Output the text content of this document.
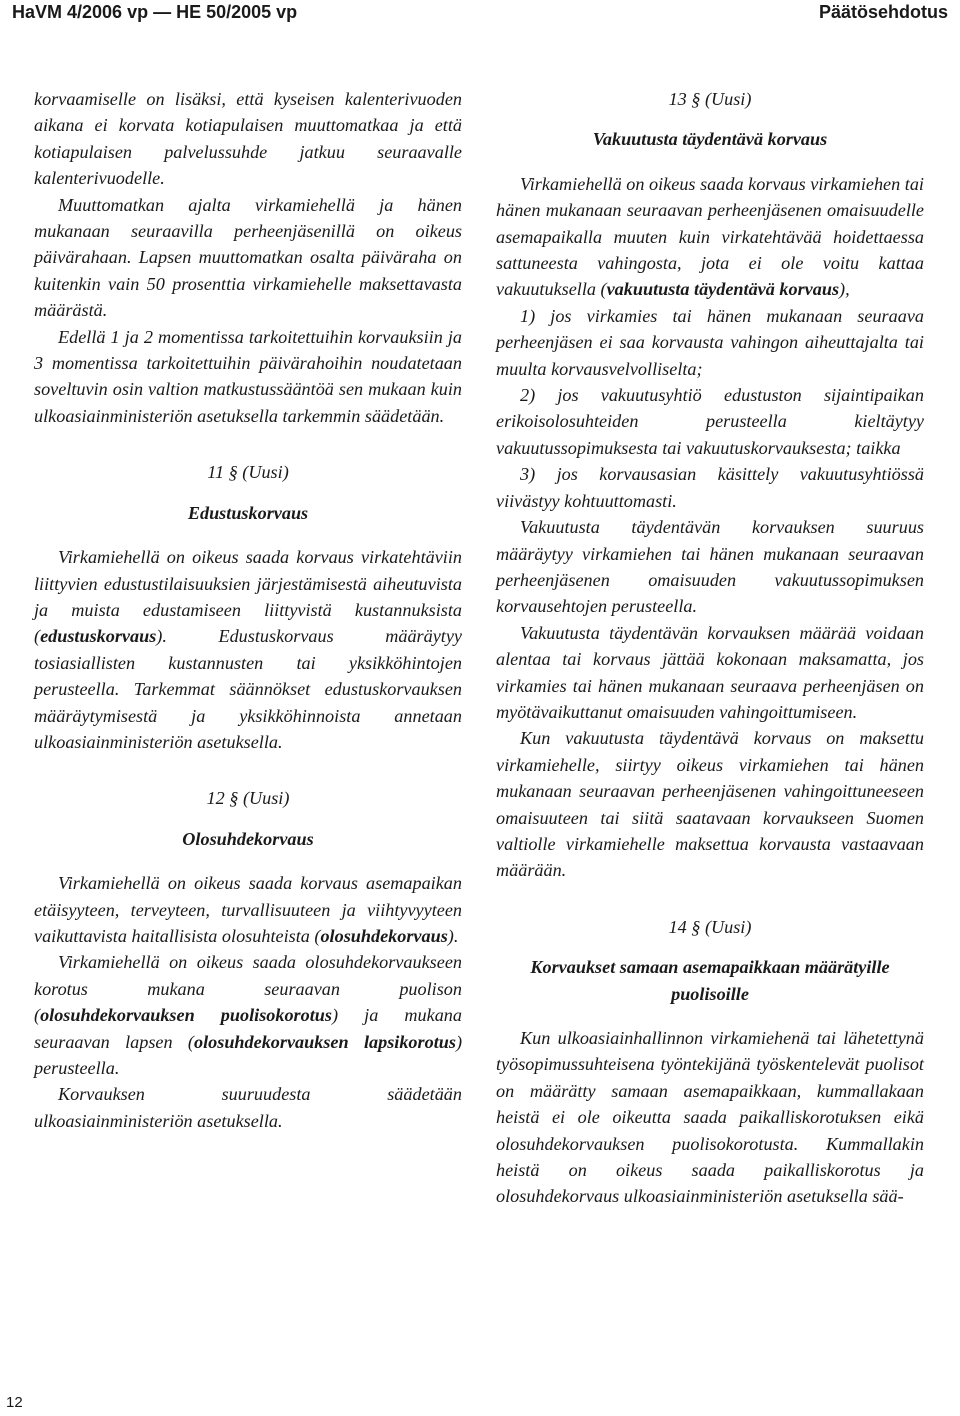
HaVM 4/2006 vp — HE 50/2005 vp	Päätösehdotus

korvaamiselle on lisäksi, että kyseisen kalenterivuoden aikana ei korvata kotiapulaisen muuttomatkaa ja että kotiapulaisen palvelussuhde jatkuu seuraavalle kalenterivuodelle.

Muuttomatkan ajalta virkamiehellä ja hänen mukanaan seuraavilla perheenjäsenillä on oikeus päivärahaan. Lapsen muuttomatkan osalta päiväraha on kuitenkin vain 50 prosenttia virkamiehelle maksettavasta määrästä.

Edellä 1 ja 2 momentissa tarkoitettuihin korvauksiin ja 3 momentissa tarkoitettuihin päivärahoihin noudatetaan soveltuvin osin valtion matkustussääntöä sen mukaan kuin ulkoasiainministeriön asetuksella tarkemmin säädetään.

11 § (Uusi)

Edustuskorvaus

Virkamiehellä on oikeus saada korvaus virkatehtäviin liittyvien edustustilaisuuksien järjestämisestä aiheutuvista ja muista edustamiseen liittyvistä kustannuksista (edustuskorvaus). Edustuskorvaus määräytyy tosiasiallisten kustannusten tai yksikköhintojen perusteella. Tarkemmat säännökset edustuskorvauksen määräytymisestä ja yksikköhinnoista annetaan ulkoasiainministeriön asetuksella.

12 § (Uusi)

Olosuhdekorvaus

Virkamiehellä on oikeus saada korvaus asemapaikan etäisyyteen, terveyteen, turvallisuuteen ja viihtyvyyteen vaikuttavista haitallisista olosuhteista (olosuhdekorvaus).

Virkamiehellä on oikeus saada olosuhdekorvaukseen korotus mukana seuraavan puolison (olosuhdekorvauksen puolisokorotus) ja mukana seuraavan lapsen (olosuhdekorvauksen lapsikorotus) perusteella.

Korvauksen suuruudesta säädetään ulkoasiainministeriön asetuksella.

13 § (Uusi)

Vakuutusta täydentävä korvaus

Virkamiehellä on oikeus saada korvaus virkamiehen tai hänen mukanaan seuraavan perheenjäsenen omaisuudelle asemapaikalla muuten kuin virkatehtävää hoidettaessa sattuneesta vahingosta, jota ei ole voitu kattaa vakuutuksella (vakuutusta täydentävä korvaus),

1) jos virkamies tai hänen mukanaan seuraava perheenjäsen ei saa korvausta vahingon aiheuttajalta tai muulta korvausvelvolliselta;

2) jos vakuutusyhtiö edustuston sijaintipaikan erikoisolosuhteiden perusteella kieltäytyy vakuutussopimuksesta tai vakuutuskorvauksesta; taikka

3) jos korvausasian käsittely vakuutusyhtiössä viivästyy kohtuuttomasti.

Vakuutusta täydentävän korvauksen suuruus määräytyy virkamiehen tai hänen mukanaan seuraavan perheenjäsenen omaisuuden vakuutussopimuksen korvausehtojen perusteella.

Vakuutusta täydentävän korvauksen määrää voidaan alentaa tai korvaus jättää kokonaan maksamatta, jos virkamies tai hänen mukanaan seuraava perheenjäsen on myötävaikuttanut omaisuuden vahingoittumiseen.

Kun vakuutusta täydentävä korvaus on maksettu virkamiehelle, siirtyy oikeus virkamiehen tai hänen mukanaan seuraavan perheenjäsenen vahingoittuneeseen omaisuuteen tai siitä saatavaan korvaukseen Suomen valtiolle virkamiehelle maksettua korvausta vastaavaan määrään.

14 § (Uusi)

Korvaukset samaan asemapaikkaan määrätyille puolisoille

Kun ulkoasiainhallinnon virkamiehenä tai lähetettynä työsopimussuhteisena työntekijänä työskentelevät puolisot on määrätty samaan asemapaikkaan, kummallakaan heistä ei ole oikeutta saada paikalliskorotuksen eikä olosuhdekorvauksen puolisokorotusta. Kummallakin heistä on oikeus saada paikalliskorotus ja olosuhdekorvaus ulkoasiainministeriön asetuksella sää-

12
